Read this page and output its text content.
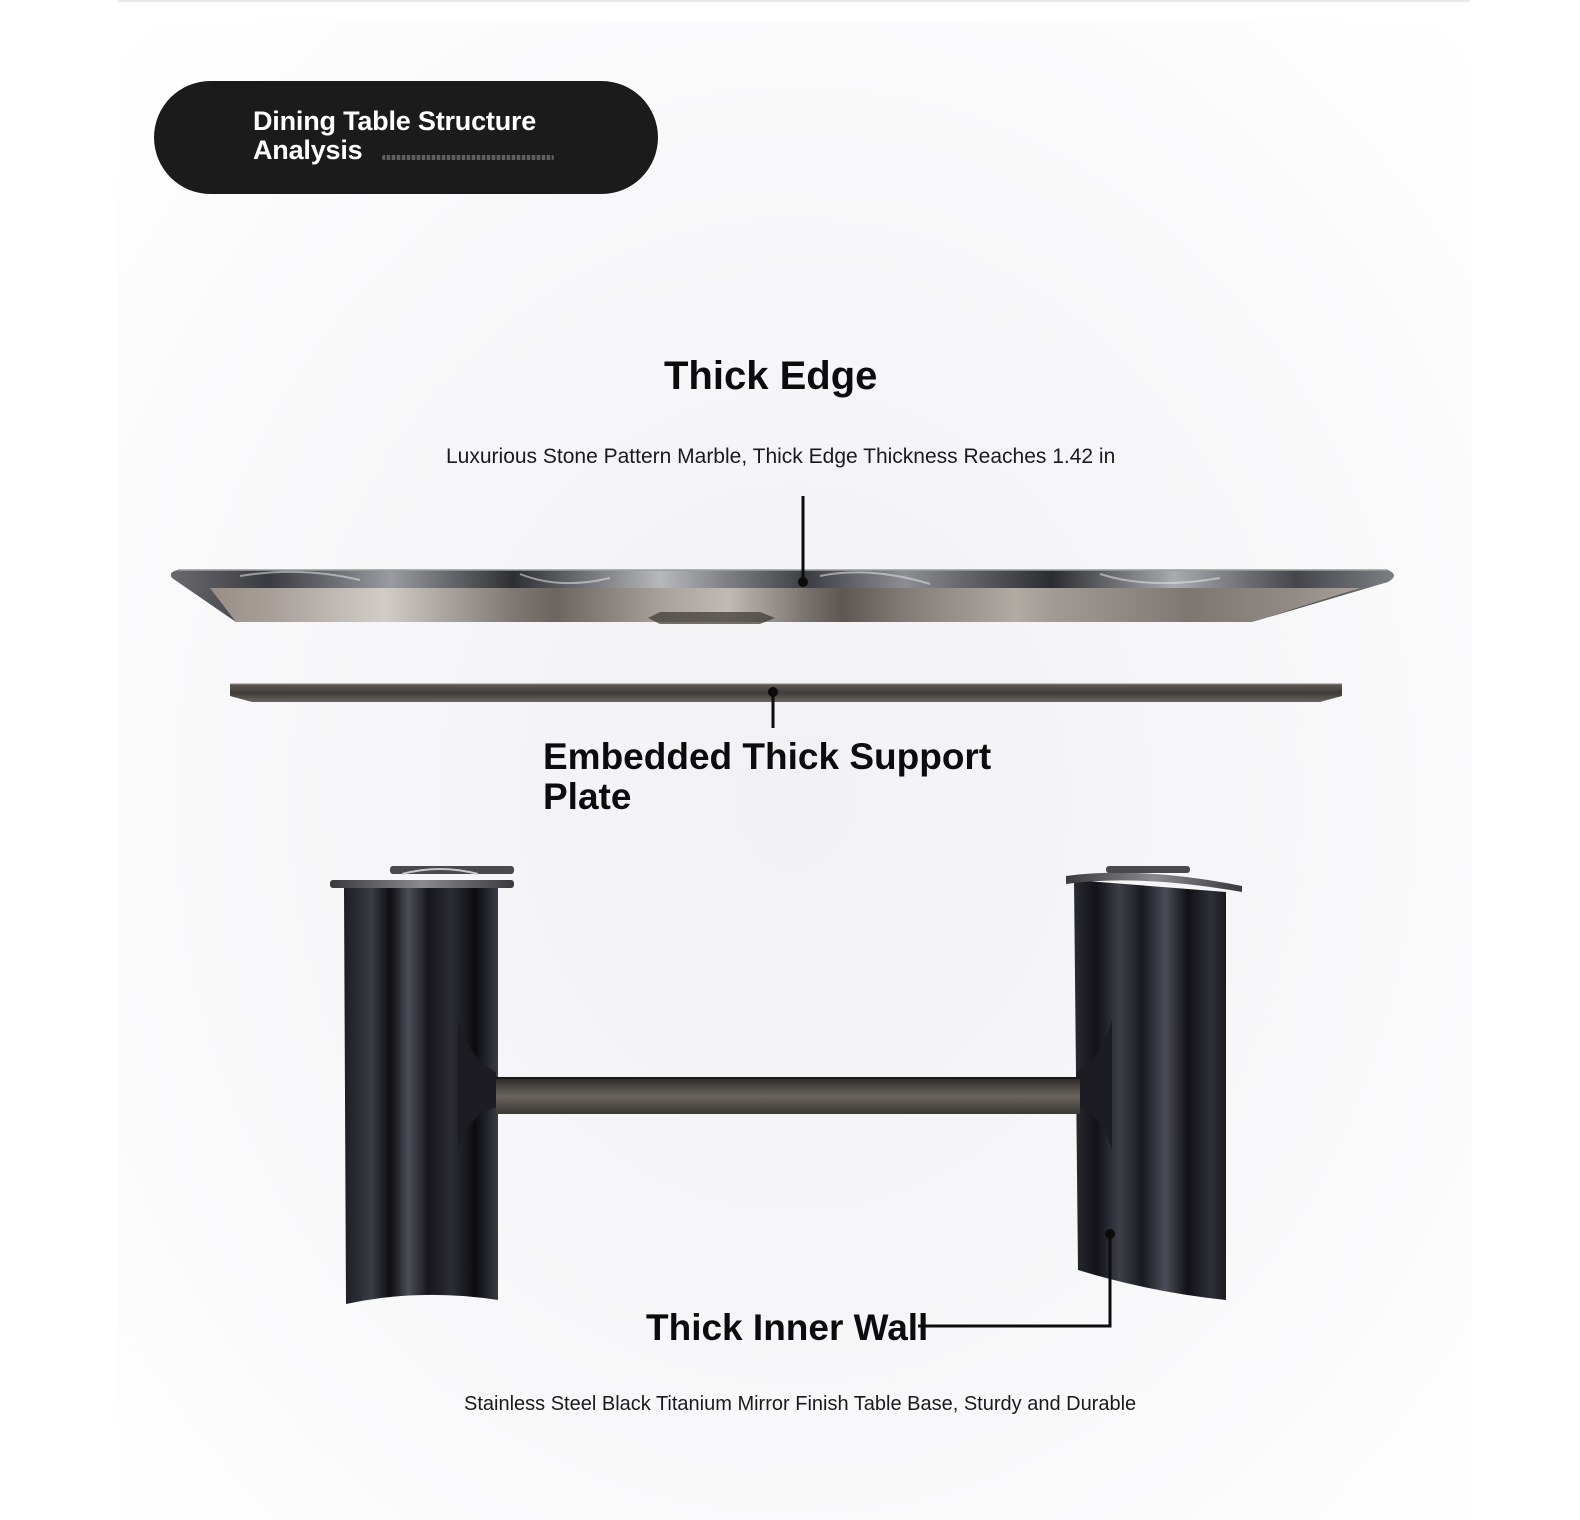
Dining Table Structure
Analysis
Thick Edge
Luxurious Stone Pattern Marble, Thick Edge Thickness Reaches 1.42 in
Embedded Thick Support
Plate
Thick Inner Wall
Stainless Steel Black Titanium Mirror Finish Table Base, Sturdy and Durable
